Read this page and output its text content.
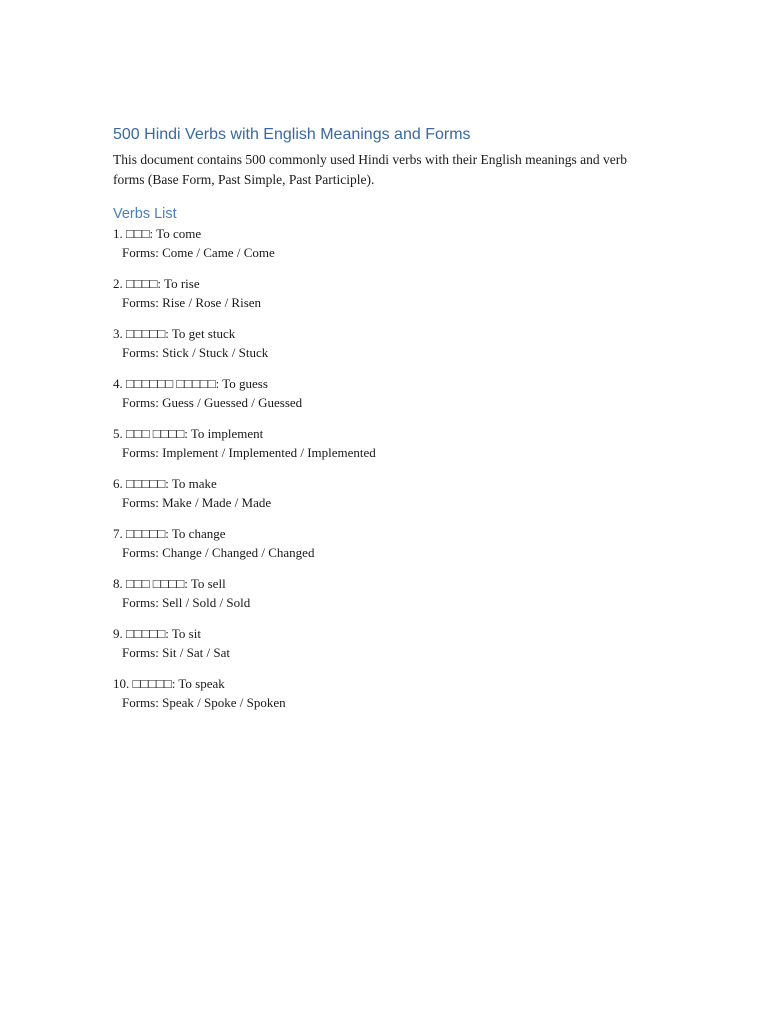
500 Hindi Verbs with English Meanings and Forms

This document contains 500 commonly used Hindi verbs with their English meanings and verb forms (Base Form, Past Simple, Past Participle).

Verbs List
1. □□□: To come
Forms: Come / Came / Come
2. □□□□: To rise
Forms: Rise / Rose / Risen
3. □□□□□: To get stuck
Forms: Stick / Stuck / Stuck
4. □□□□□□ □□□□□: To guess
Forms: Guess / Guessed / Guessed
5. □□□ □□□□: To implement
Forms: Implement / Implemented / Implemented
6. □□□□□: To make
Forms: Make / Made / Made
7. □□□□□: To change
Forms: Change / Changed / Changed
8. □□□ □□□□: To sell
Forms: Sell / Sold / Sold
9. □□□□□: To sit
Forms: Sit / Sat / Sat
10. □□□□□: To speak
Forms: Speak / Spoke / Spoken
